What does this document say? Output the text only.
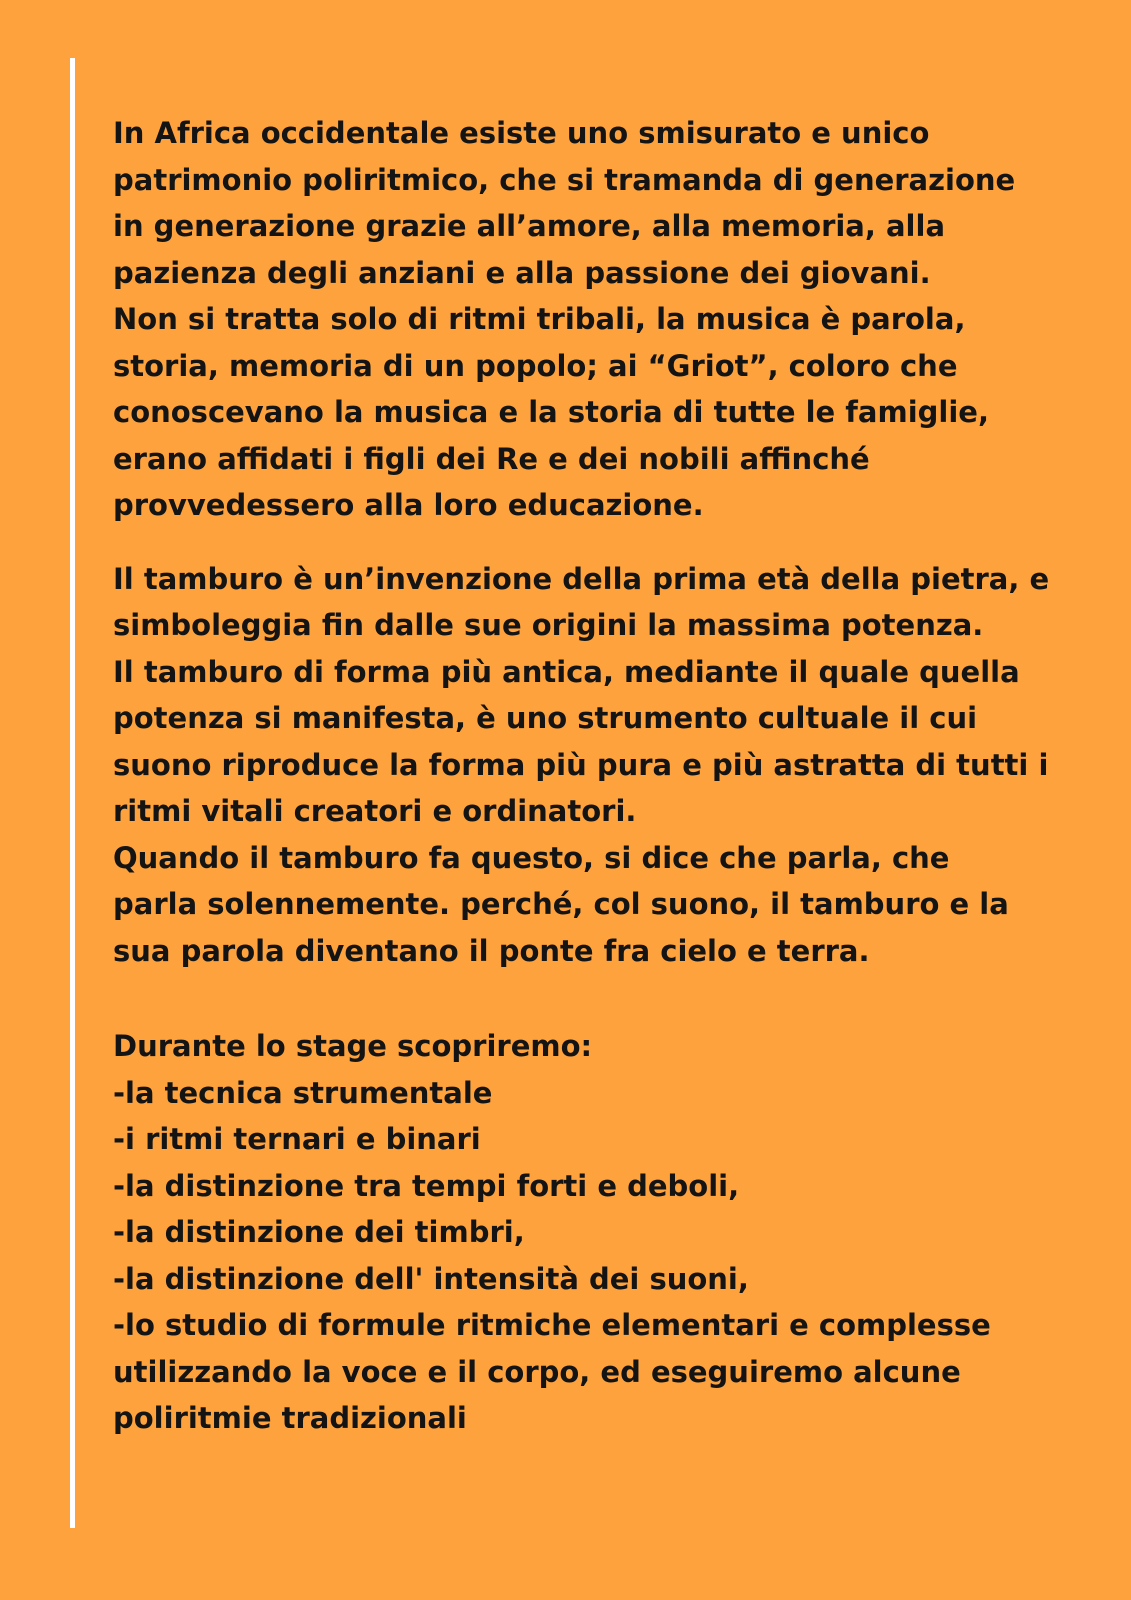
In Africa occidentale esiste uno smisurato e unico
patrimonio poliritmico, che si tramanda di generazione
in generazione grazie all’amore, alla memoria, alla
pazienza degli anziani e alla passione dei giovani.
Non si tratta solo di ritmi tribali, la musica è parola,
storia, memoria di un popolo; ai “Griot”, coloro che
conoscevano la musica e la storia di tutte le famiglie,
erano affidati i figli dei Re e dei nobili affinché
provvedessero alla loro educazione.
Il tamburo è un’invenzione della prima età della pietra, e
simboleggia fin dalle sue origini la massima potenza.
Il tamburo di forma più antica, mediante il quale quella
potenza si manifesta, è uno strumento cultuale il cui
suono riproduce la forma più pura e più astratta di tutti i
ritmi vitali creatori e ordinatori.
Quando il tamburo fa questo, si dice che parla, che
parla solennemente. perché, col suono, il tamburo e la
sua parola diventano il ponte fra cielo e terra.
Durante lo stage scopriremo:
-la tecnica strumentale
-i ritmi ternari e binari
-la distinzione tra tempi forti e deboli,
-la distinzione dei timbri,
-la distinzione dell' intensità dei suoni,
-lo studio di formule ritmiche elementari e complesse
utilizzando la voce e il corpo, ed eseguiremo alcune
poliritmie tradizionali
